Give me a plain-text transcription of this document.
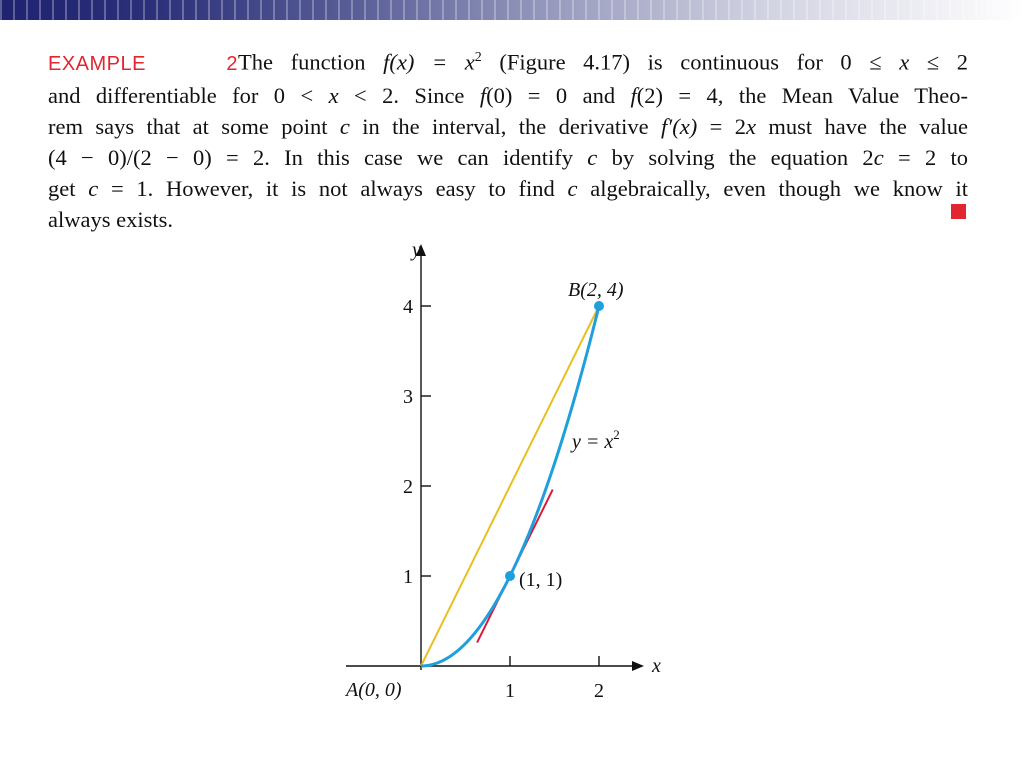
EXAMPLE 2The function $f(x) = x^2$ (Figure 4.17) is continuous for 0 ≤ x ≤ 2
and differentiable for 0 < x < 2. Since f(0) = 0 and f(2) = 4, the Mean Value Theo-
rem says that at some point c in the interval, the derivative f′(x) = 2x must have the value
(4 − 0)/(2 − 0) = 2. In this case we can identify c by solving the equation 2c = 2 to
get c = 1. However, it is not always easy to find c algebraically, even though we know it
always exists.
y
x
1
2
3
4
1	2
B(2, 4)
(1, 1)
A(0, 0)
$y = x^2$
